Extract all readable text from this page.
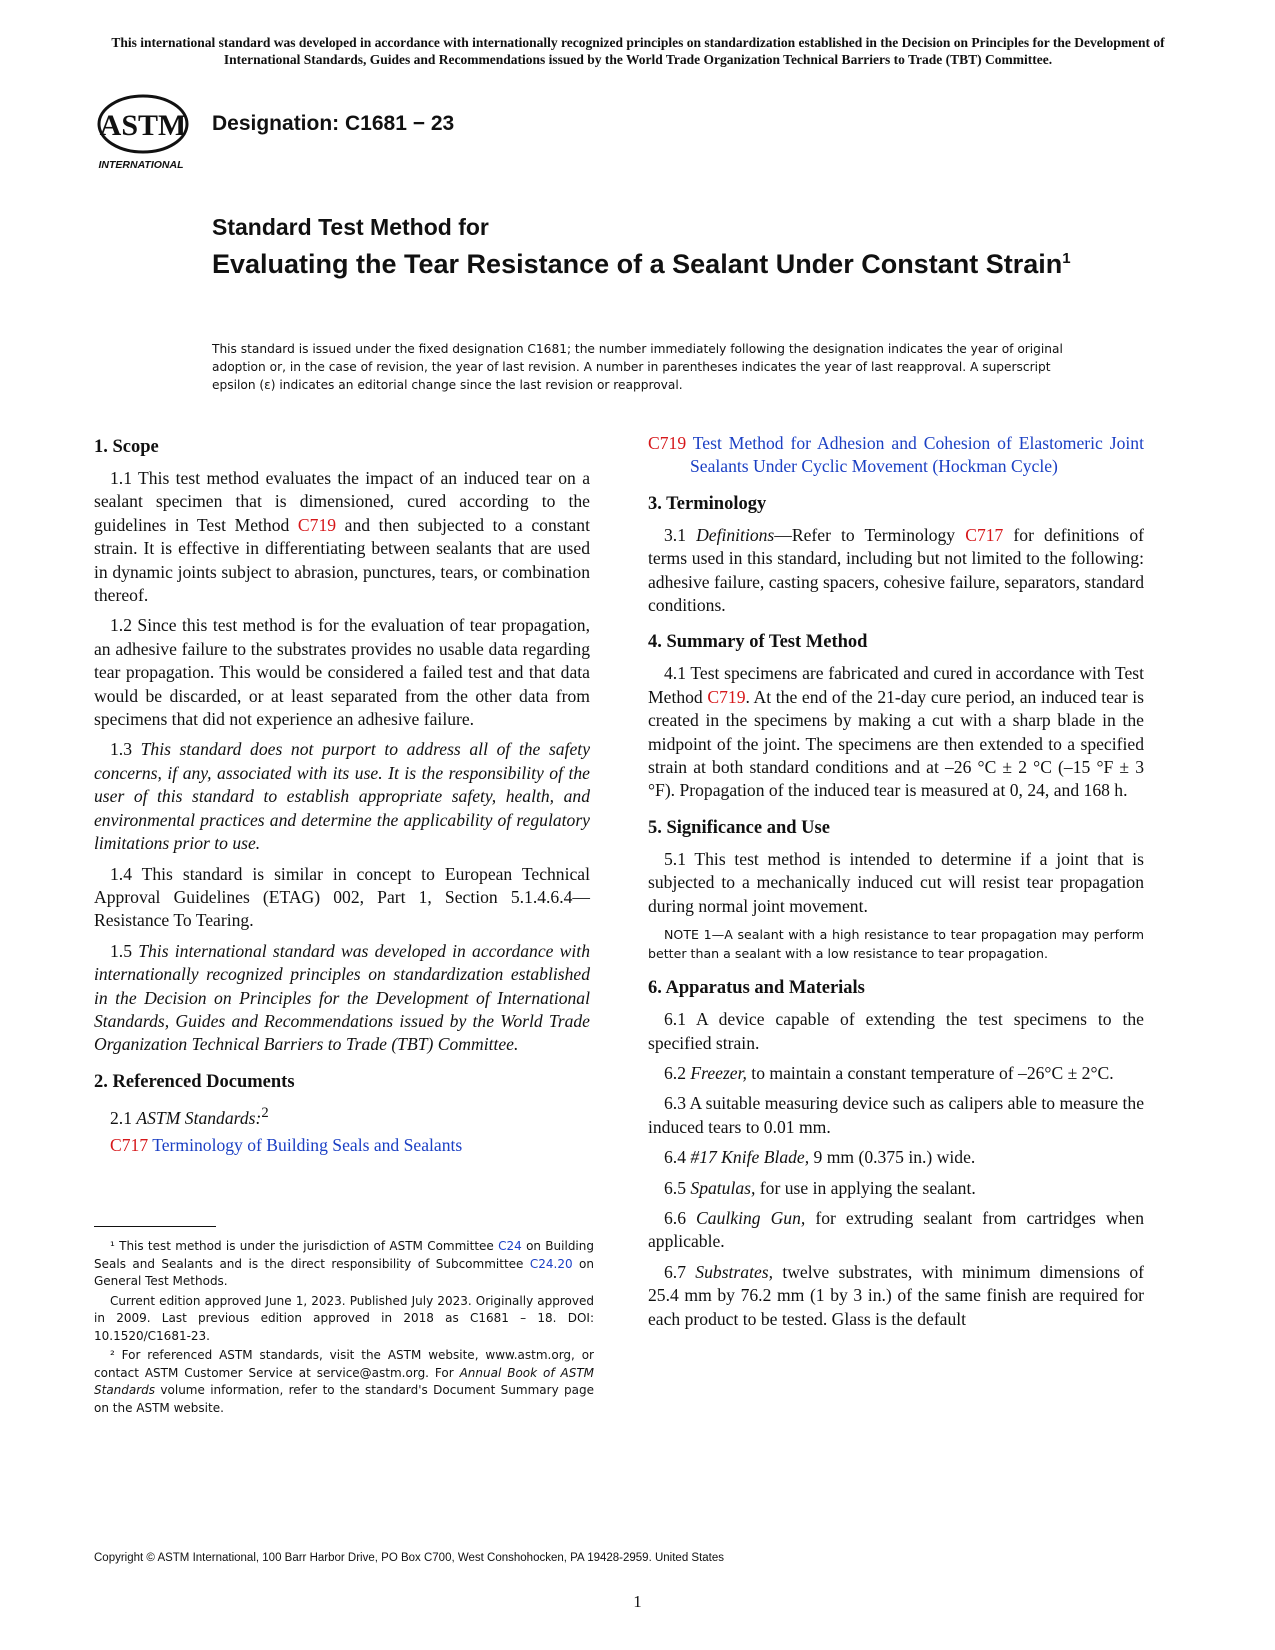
This international standard was developed in accordance with internationally recognized principles on standardization established in the Decision on Principles for the Development of International Standards, Guides and Recommendations issued by the World Trade Organization Technical Barriers to Trade (TBT) Committee.
ASTM
INTERNATIONAL
Designation: C1681 − 23
Standard Test Method for
Evaluating the Tear Resistance of a Sealant Under Constant Strain$^1$
This standard is issued under the fixed designation C1681; the number immediately following the designation indicates the year of original adoption or, in the case of revision, the year of last revision. A number in parentheses indicates the year of last reapproval. A superscript epsilon (ε) indicates an editorial change since the last revision or reapproval.
1. Scope

1.1 This test method evaluates the impact of an induced tear on a sealant specimen that is dimensioned, cured according to the guidelines in Test Method C719 and then subjected to a constant strain. It is effective in differentiating between sealants that are used in dynamic joints subject to abrasion, punctures, tears, or combination thereof.

1.2 Since this test method is for the evaluation of tear propagation, an adhesive failure to the substrates provides no usable data regarding tear propagation. This would be considered a failed test and that data would be discarded, or at least separated from the other data from specimens that did not experience an adhesive failure.

1.3 This standard does not purport to address all of the safety concerns, if any, associated with its use. It is the responsibility of the user of this standard to establish appropriate safety, health, and environmental practices and determine the applicability of regulatory limitations prior to use.

1.4 This standard is similar in concept to European Technical Approval Guidelines (ETAG) 002, Part 1, Section 5.1.4.6.4—Resistance To Tearing.

1.5 This international standard was developed in accordance with internationally recognized principles on standardization established in the Decision on Principles for the Development of International Standards, Guides and Recommendations issued by the World Trade Organization Technical Barriers to Trade (TBT) Committee.

2. Referenced Documents

2.1 ASTM Standards:$^2$

C717 Terminology of Building Seals and Sealants

¹ This test method is under the jurisdiction of ASTM Committee C24 on Building Seals and Sealants and is the direct responsibility of Subcommittee C24.20 on General Test Methods.

Current edition approved June 1, 2023. Published July 2023. Originally approved in 2009. Last previous edition approved in 2018 as C1681 – 18. DOI: 10.1520/C1681-23.

² For referenced ASTM standards, visit the ASTM website, www.astm.org, or contact ASTM Customer Service at service@astm.org. For Annual Book of ASTM Standards volume information, refer to the standard's Document Summary page on the ASTM website.

C719 Test Method for Adhesion and Cohesion of Elastomeric Joint Sealants Under Cyclic Movement (Hockman Cycle)

3. Terminology

3.1 Definitions—Refer to Terminology C717 for definitions of terms used in this standard, including but not limited to the following: adhesive failure, casting spacers, cohesive failure, separators, standard conditions.

4. Summary of Test Method

4.1 Test specimens are fabricated and cured in accordance with Test Method C719. At the end of the 21-day cure period, an induced tear is created in the specimens by making a cut with a sharp blade in the midpoint of the joint. The specimens are then extended to a specified strain at both standard conditions and at –26 °C ± 2 °C (–15 °F ± 3 °F). Propagation of the induced tear is measured at 0, 24, and 168 h.

5. Significance and Use

5.1 This test method is intended to determine if a joint that is subjected to a mechanically induced cut will resist tear propagation during normal joint movement.

NOTE 1—A sealant with a high resistance to tear propagation may perform better than a sealant with a low resistance to tear propagation.
6. Apparatus and Materials

6.1 A device capable of extending the test specimens to the specified strain.

6.2 Freezer, to maintain a constant temperature of –26°C ± 2°C.

6.3 A suitable measuring device such as calipers able to measure the induced tears to 0.01 mm.

6.4 #17 Knife Blade, 9 mm (0.375 in.) wide.

6.5 Spatulas, for use in applying the sealant.

6.6 Caulking Gun, for extruding sealant from cartridges when applicable.

6.7 Substrates, twelve substrates, with minimum dimensions of 25.4 mm by 76.2 mm (1 by 3 in.) of the same finish are required for each product to be tested. Glass is the default

Copyright © ASTM International, 100 Barr Harbor Drive, PO Box C700, West Conshohocken, PA 19428-2959. United States
1
